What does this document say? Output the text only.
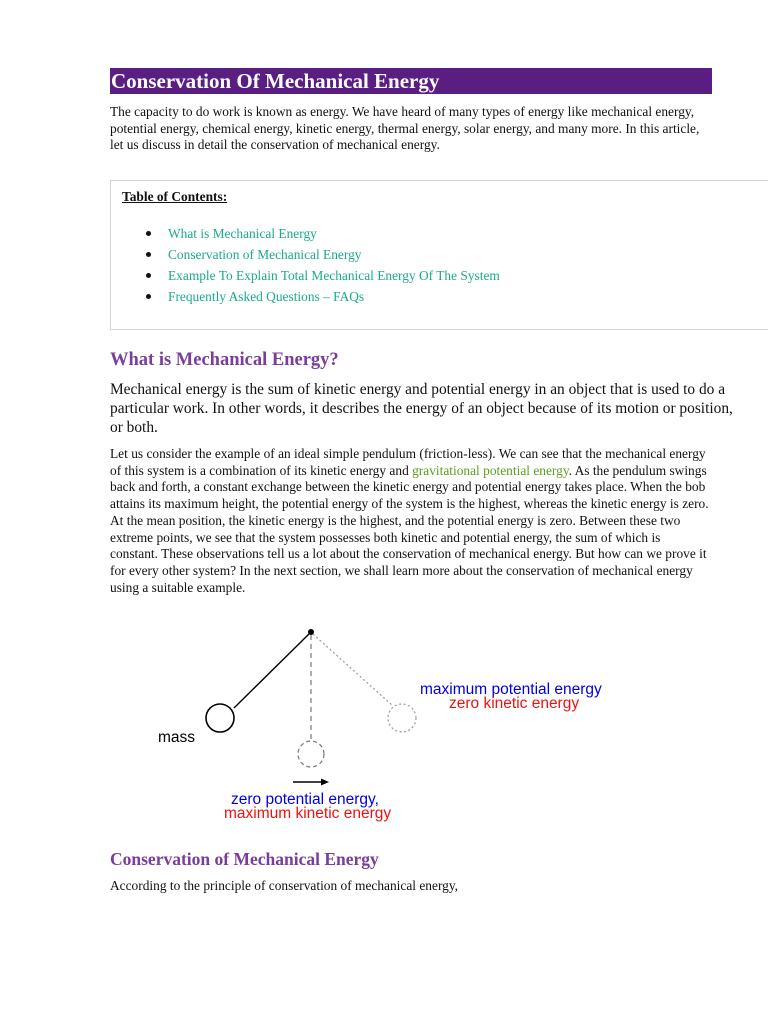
Conservation Of Mechanical Energy

The capacity to do work is known as energy. We have heard of many types of energy like mechanical energy, potential energy, chemical energy, kinetic energy, thermal energy, solar energy, and many more. In this article, let us discuss in detail the conservation of mechanical energy.

Table of Contents:

What is Mechanical Energy
Conservation of Mechanical Energy
Example To Explain Total Mechanical Energy Of The System
Frequently Asked Questions – FAQs
What is Mechanical Energy?

Mechanical energy is the sum of kinetic energy and potential energy in an object that is used to do a particular work. In other words, it describes the energy of an object because of its motion or position, or both.

Let us consider the example of an ideal simple pendulum (friction-less). We can see that the mechanical energy of this system is a combination of its kinetic energy and gravitational potential energy. As the pendulum swings back and forth, a constant exchange between the kinetic energy and potential energy takes place. When the bob attains its maximum height, the potential energy of the system is the highest, whereas the kinetic energy is zero. At the mean position, the kinetic energy is the highest, and the potential energy is zero. Between these two extreme points, we see that the system possesses both kinetic and potential energy, the sum of which is constant. These observations tell us a lot about the conservation of mechanical energy. But how can we prove it for every other system? In the next section, we shall learn more about the conservation of mechanical energy using a suitable example.

mass
maximum potential energy
zero kinetic energy
zero potential energy,
maximum kinetic energy
Conservation of Mechanical Energy

According to the principle of conservation of mechanical energy,
